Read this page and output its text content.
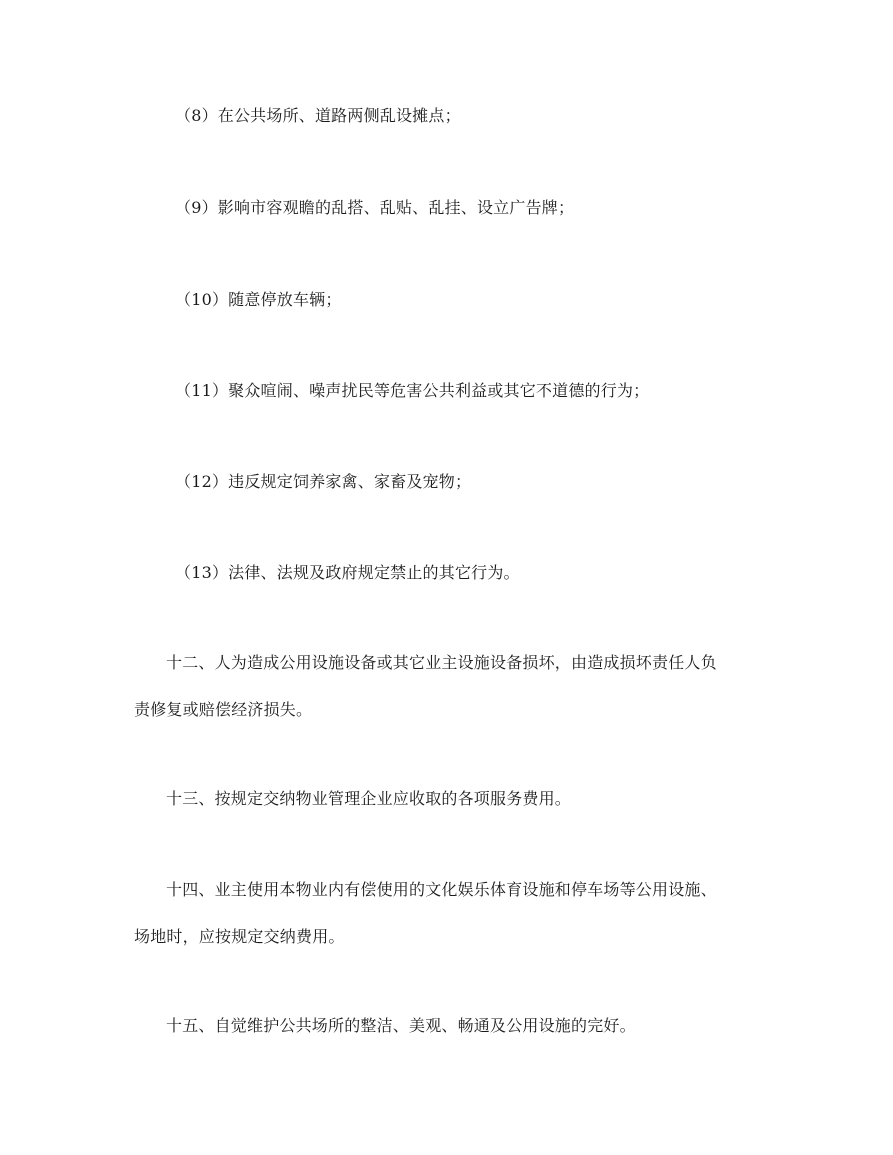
（8）在公共场所、道路两侧乱设摊点；
（9）影响市容观瞻的乱搭、乱贴、乱挂、设立广告牌；
（10）随意停放车辆；
（11）聚众喧闹、噪声扰民等危害公共利益或其它不道德的行为；
（12）违反规定饲养家禽、家畜及宠物；
（13）法律、法规及政府规定禁止的其它行为。
十二、人为造成公用设施设备或其它业主设施设备损坏，由造成损坏责任人负
责修复或赔偿经济损失。
十三、按规定交纳物业管理企业应收取的各项服务费用。
十四、业主使用本物业内有偿使用的文化娱乐体育设施和停车场等公用设施、
场地时，应按规定交纳费用。
十五、自觉维护公共场所的整洁、美观、畅通及公用设施的完好。
